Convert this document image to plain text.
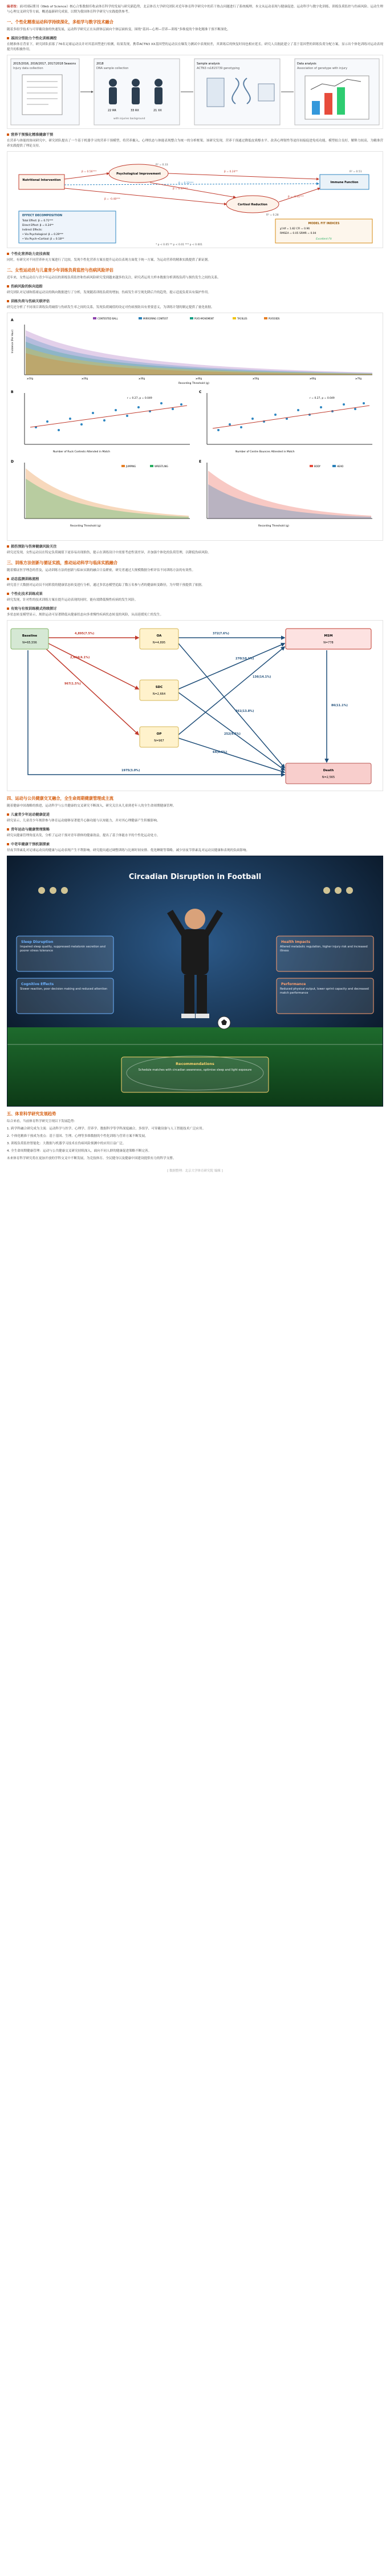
编者按：面对国际期刊《Web of Science》核心合集数据库收录体育科学的发展与研究新趋势，北京体育大学研究团队对近年体育科学研究中的若干热点问题进行了系统梳理。本文从运动表现与健康促进、运动科学与数字化训练、训练负荷监控与伤病风险、运动生理与心理交叉研究等方面，概述最新研究成果，以期为我国体育科学研究与实践提供参考。

一、个性化精准运动科学持续深化，多组学与数字技术融合

随着多组学技术与可穿戴设备的快速发展，运动科学研究正在从群体层面向个体层面转变，围绕“基因—心理—营养—训练”多维度的个体化精准干预不断深化。

基因分型助力个性化训练调控

在精准体育背景下，研究团队招募了76名足球运动员并对其基因型进行检测，结果发现，携带ACTN3 XX基因型的运动员在爆发力测试中表现较差，其训练后的恢复时间也相应延长。研究人员据此建立了基于基因型的训练负荷分配方案，显示出个体化训练对运动表现提升的积极作用。

2015/2016, 2016/2017, 2017/2018 Seasons
Injury data collection
2018
DNA sample collection
22 RR	33 RX	21 XX
with injuries background
Sample analysis
ACTN3 rs1815739 genotyping
Data analysis
Association of genotype with injury
营养干预强化精准健康干预

在营养与体能的协同研究中，研究团队提出了一个基于机器学习的营养干预模型，将营养摄入、心理状态与体能表现整合为统一的分析框架。该研究发现，营养干预通过降低皮质醇水平、改善心理韧性等途径间接促进免疫功能，模型拟合良好，解释力较高，为精准营养实践提供了理论支持。

Nutritional Intervention
Psychological Improvement
Cortisol Reduction
Immune Function
β = 0.56***	β = 0.24**
β = -0.48***
β = 0.37***
β = 0.32***
β = -0.41***
R² = 0.33
R² = 0.28
R² = 0.51
EFFECT DECOMPOSITION
Total Effect: β = 0.71***
Direct Effect: β = 0.24**
Indirect Effects:
• Via Psychological: β = 0.29***
• Via Psych→Cortisol: β = 0.18**
MODEL FIT INDICES
χ²/df = 1.82 CFI = 0.96
RMSEA = 0.05 SRMR = 0.04
Excellent Fit
* p < 0.05 ** p < 0.01 *** p < 0.001
个性化营养助力竞技表现

同时，有研究对不同营养补充方案进行了比较，发现个性化营养方案在提升运动员表现方面优于统一方案，为运动营养的精准实践提供了新证据。

二、女性运动员与儿童青少年训练负荷监控与伤病风险评估

近年来，女性运动员与青少年运动员的训练负荷监控和伤病风险研究受到越来越多的关注，研究者运用大样本数据分析训练负荷与损伤发生之间的关系。

伤病风险的纵向追踪

研究团队对足球和篮球运动员的纵向数据进行了分析，发现随着训练负荷的增加，伤病发生率呈现先降后升的趋势，提示适度负荷具有保护作用。

训练负荷与伤病关联评估

研究还分析了不同项目训练负荷阈值与伤病发生率之间的关系，发现负荷阈值的设定对伤病预防具有重要意义，为训练计划的制定提供了量化依据。

A	CONTESTED BALL	MIRRORING CONTEST	PLYO-MOVEMENT	TACKLES	PLYOOIDS
Incidence (Per Hour)
≥10g	≥20g	≥30g	≥40g	≥50g	≥60g	≥70g
Recording Threshold (g)
B
r = 0.27, p = 0.049
Number of Ruck Contests Attended in Match
C
r = 0.27, p = 0.049
Number of Centre Bounces Attended in Match
D
JUMPING	WRESTLING
Recording Threshold (g)
E
BODY	HEAD
Recording Threshold (g)
损伤预防与伤害健康风险关注

研究还发现，女性运动员在特定负荷阈值下更容易出现损伤，提示在训练设计中需要考虑性别差异，并加强个体化的负荷管理，以降低伤病风险。

三、训练方法创新与循证实践，推动运动科学与临床实践融合

随着循证医学理念的普及，运动训练方法的创新与临床实践的融合日益紧密，研究者通过大规模数据分析评估不同训练方法的有效性。

动态监测训练流程

研究基于大数据对运动员不同阶段的健康状态转变进行分析，通过多状态模型追踪了数万名参与者的健康转变路径，为早期干预提供了依据。

个性化技术训练成果

研究发现，针对性的技术训练方案在提升运动表现的同时，能有效降低慢性疾病的发生风险。

有效与有效训练模式持续探讨

多状态转变模型显示，规律运动可显著降低从健康状态向多重慢性疾病状态转变的风险，从而延缓死亡的发生。

4,895(7.5%)
2,664(4.1%)
967(1.5%)
372(7.6%)
270(10.1%)
136(14.1%)
1975(3.0%)
361(13.8%)
252(9.5%)
64(6.6%)
86(11.1%)
Baseline
N=65,556
OA
N=4,895
SDC
N=2,664
OP
N=967
MSM
N=778
Death
N=2,565
四、运动与公共健康交叉融合，全生命周期健康管理成主流

随着健康中国战略的推进，运动科学与公共健康的交叉研究不断深入，研究关注从儿童到老年人的全生命周期健康管理。

儿童青少年运动健康促进

研究显示，儿童青少年规律参与体育运动能够显著提升心肺功能与认知能力，并对其心理健康产生积极影响。

青年运动与健康管理策略

研究从健康管理角度出发，分析了运动干预对青年群体的健康效益，提出了基于体能水平的个性化运动处方。

中老年健康干预机制探索

昼夜节律紊乱对足球运动员的健康与运动表现产生不利影响。研究提出通过调整训练与比赛时间安排、优化睡眠等策略，减少昼夜节律紊乱对运动员健康和表现的负面影响。

Circadian Disruption in Football
Sleep Disruption
Impaired sleep quality, suppressed melatonin secretion and poorer stress tolerance
Cognitive Effects
Slower reaction, poor decision making and reduced attention
Health Impacts
Altered metabolic regulation, higher injury risk and increased illness
Performance
Reduced physical output, lower sprint capacity and decreased match performance
Recommendations
Schedule matches with circadian awareness, optimise sleep and light exposure
五、体育科学研究发展趋势

综合来看，当前体育科学研究呈现以下发展趋势：

1. 跨学科融合研究成为主流：运动科学与医学、心理学、营养学、数据科学等学科深度融合，多组学、可穿戴设备与人工智能技术广泛应用。

2. 个体化精准干预成为重点：基于基因、生理、心理等多维数据的个性化训练与营养方案不断发展。

3. 训练负荷监控智能化：大数据与机器学习技术在伤病风险预测中的应用日益广泛。

4. 全生命周期健康管理：运动与公共健康交叉研究持续深入，面向不同人群的健康促进策略不断完善。

未来体育科学研究将在更加开放的学科交叉中不断发展，为竞技体育、全民健身以及健康中国建设提供有力的科学支撑。

[ 数据整理：北京大学体育研究院 编辑 ]
